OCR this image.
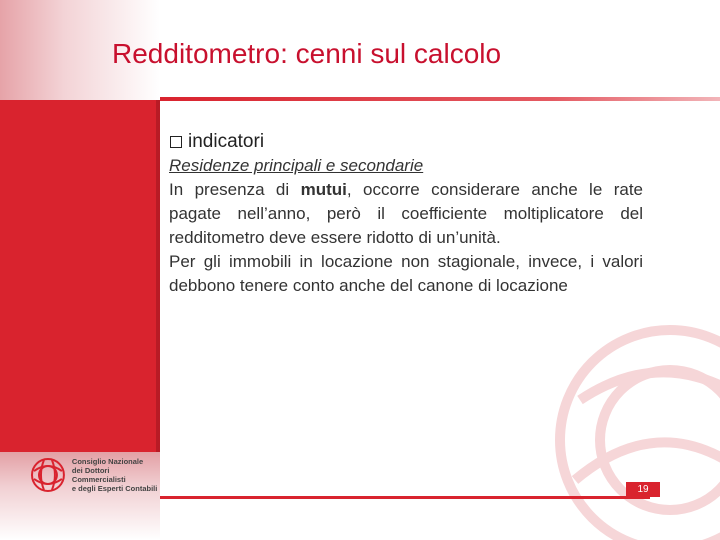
Redditometro: cenni sul calcolo
indicatori
Residenze principali e secondarie

In presenza di mutui, occorre considerare anche le rate pagate nell’anno, però il coefficiente moltiplicatore del redditometro deve essere ridotto di un’unità.

Per gli immobili in locazione non stagionale, invece, i valori debbono tenere conto anche del canone di locazione

Consiglio Nazionale
dei Dottori Commercialisti
e degli Esperti Contabili	19
